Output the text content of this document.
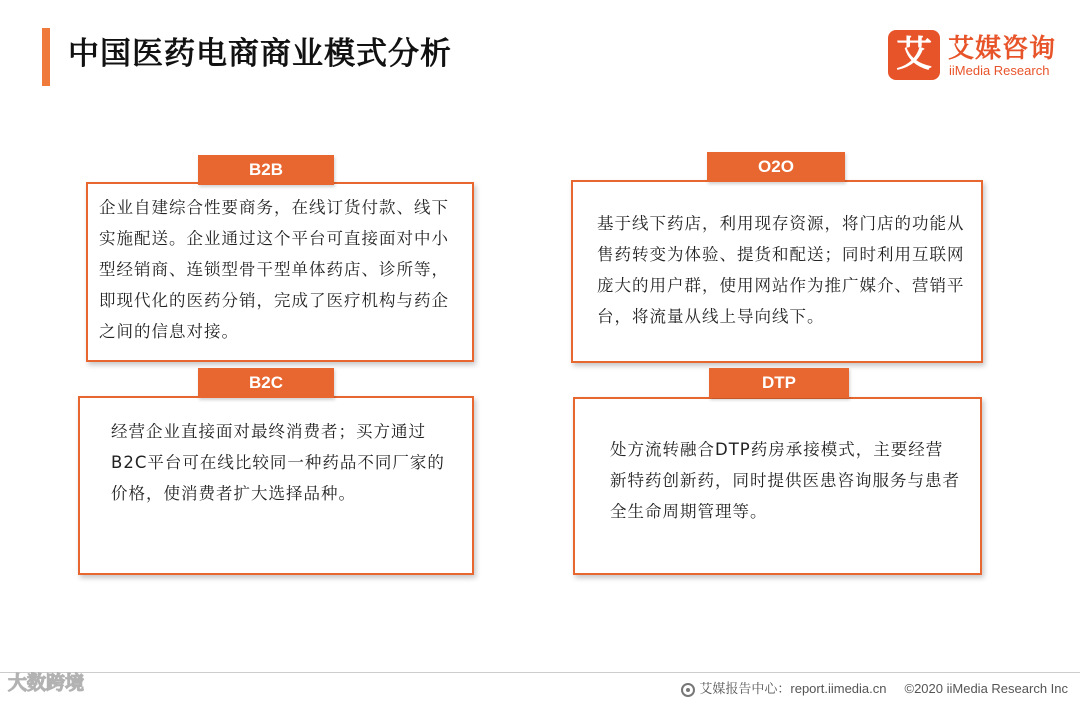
中国医药电商商业模式分析	艾 艾媒咨询
iiMedia Research
B2B
企业自建综合性要商务，在线订货付款、线下实施配送。企业通过这个平台可直接面对中小型经销商、连锁型骨干型单体药店、诊所等，即现代化的医药分销，完成了医疗机构与药企之间的信息对接。
O2O
基于线下药店，利用现存资源，将门店的功能从售药转变为体验、提货和配送；同时利用互联网庞大的用户群，使用网站作为推广媒介、营销平台，将流量从线上导向线下。
B2C
经营企业直接面对最终消费者；买方通过B2C平台可在线比较同一种药品不同厂家的价格，使消费者扩大选择品种。
DTP
处方流转融合DTP药房承接模式，主要经营新特药创新药，同时提供医患咨询服务与患者全生命周期管理等。
大数跨境	艾媒报告中心：report.iimedia.cn ©2020 iiMedia Research Inc
